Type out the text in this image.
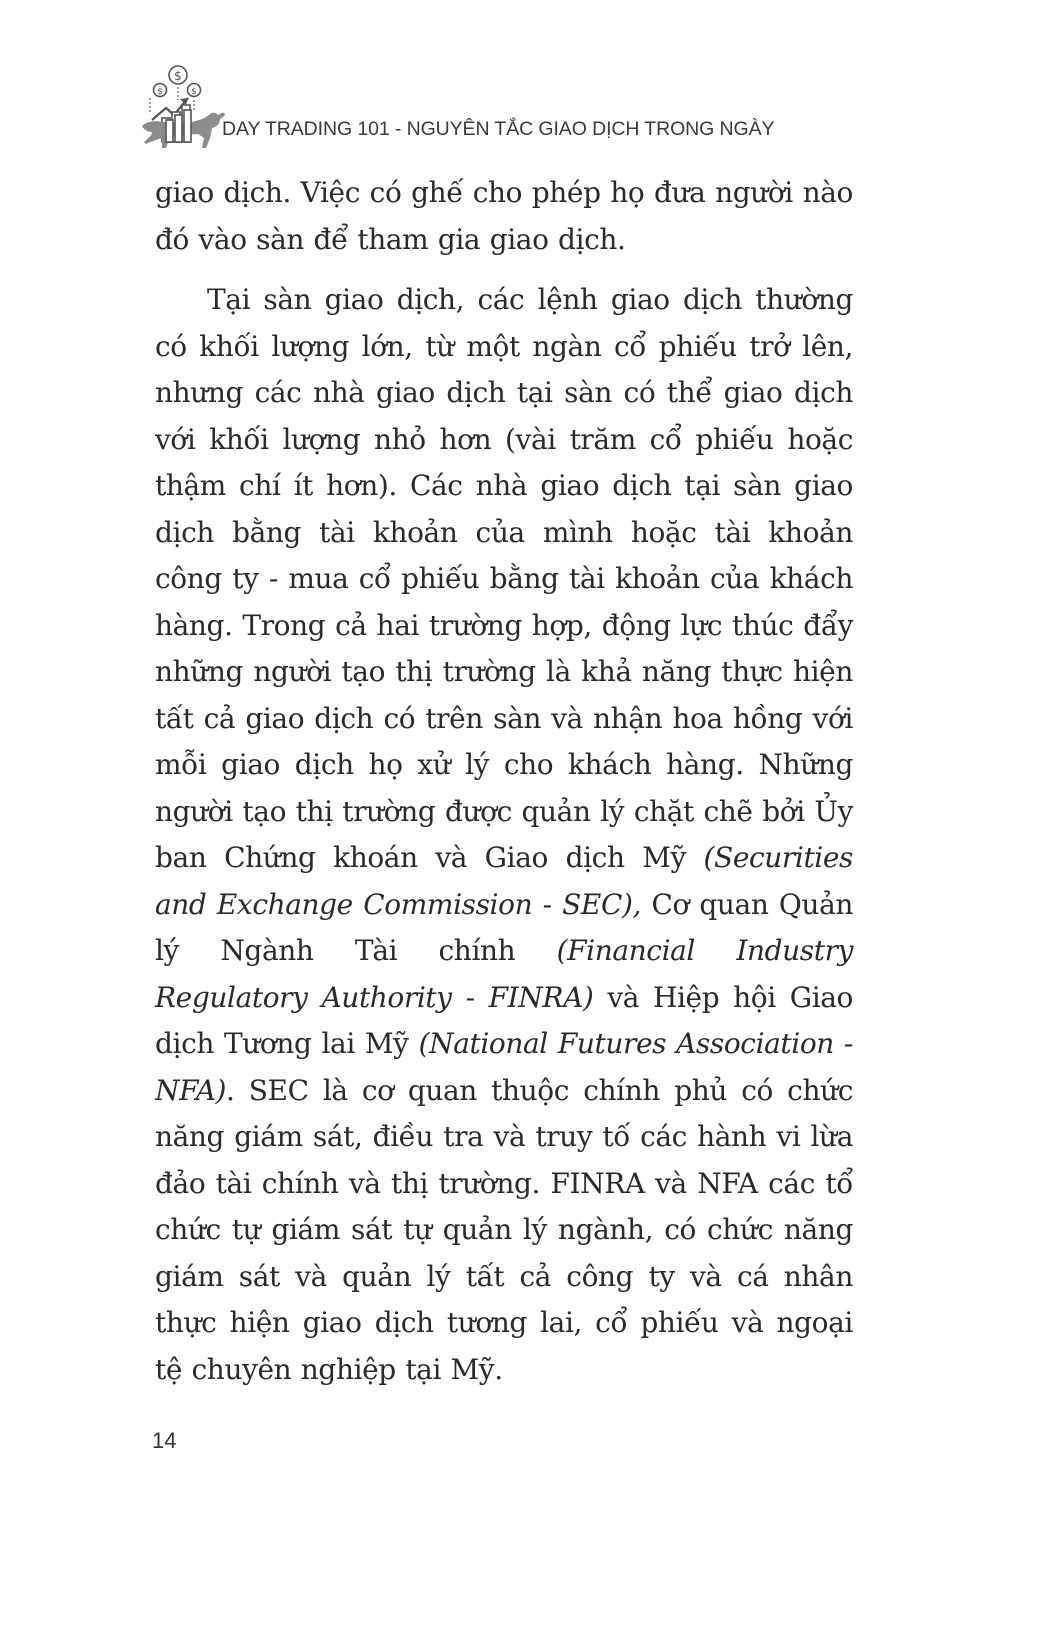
$
$	$
DAY TRADING 101 - NGUYÊN TẮC GIAO DỊCH TRONG NGÀY

giao dịch. Việc có ghế cho phép họ đưa người nào đó vào sàn để tham gia giao dịch.

Tại sàn giao dịch, các lệnh giao dịch thường có khối lượng lớn, từ một ngàn cổ phiếu trở lên, nhưng các nhà giao dịch tại sàn có thể giao dịch với khối lượng nhỏ hơn (vài trăm cổ phiếu hoặc thậm chí ít hơn). Các nhà giao dịch tại sàn giao dịch bằng tài khoản của mình hoặc tài khoản công ty - mua cổ phiếu bằng tài khoản của khách hàng. Trong cả hai trường hợp, động lực thúc đẩy những người tạo thị trường là khả năng thực hiện tất cả giao dịch có trên sàn và nhận hoa hồng với mỗi giao dịch họ xử lý cho khách hàng. Những người tạo thị trường được quản lý chặt chẽ bởi Ủy ban Chứng khoán và Giao dịch Mỹ (Securities and Exchange Commission - SEC), Cơ quan Quản lý Ngành Tài chính (Financial Industry Regulatory Authority - FINRA) và Hiệp hội Giao dịch Tương lai Mỹ (National Futures Association - NFA). SEC là cơ quan thuộc chính phủ có chức năng giám sát, điều tra và truy tố các hành vi lừa đảo tài chính và thị trường. FINRA và NFA các tổ chức tự giám sát tự quản lý ngành, có chức năng giám sát và quản lý tất cả công ty và cá nhân thực hiện giao dịch tương lai, cổ phiếu và ngoại tệ chuyên nghiệp tại Mỹ.

14
